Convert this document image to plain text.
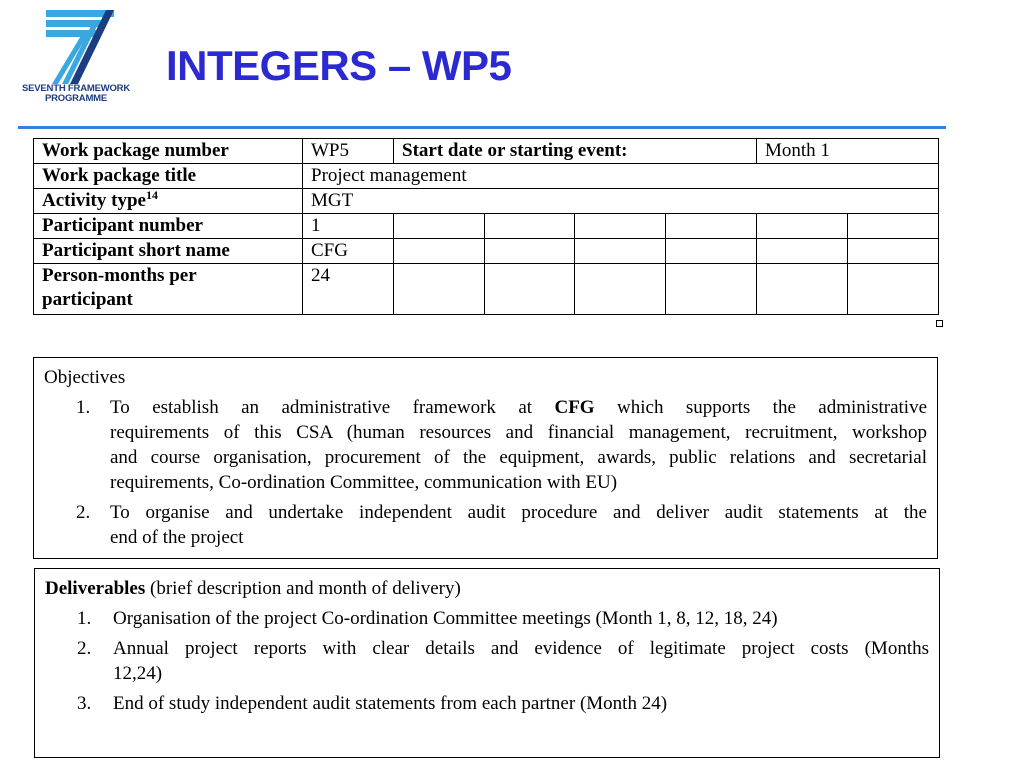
SEVENTH FRAMEWORK
PROGRAMME
INTEGERS – WP5
Work package number	WP5	Start date or starting event:				Month 1	
Work package title	Project management						
Activity type$^{14}$	MGT						
Participant number	1						
Participant short name	CFG						

Person-months per
participant	24						
Objectives
1.	To establish an administrative framework at CFG which supports the administrative

requirements of this CSA (human resources and financial management, recruitment, workshop

and course organisation, procurement of the equipment, awards, public relations and secretarial

requirements, Co-ordination Committee, communication with EU)

2.	To organise and undertake independent audit procedure and deliver audit statements at the

end of the project

Deliverables (brief description and month of delivery)
1.	Organisation of the project Co-ordination Committee meetings (Month 1, 8, 12, 18, 24)

2.	Annual project reports with clear details and evidence of legitimate project costs (Months

12,24)

3.	End of study independent audit statements from each partner (Month 24)
